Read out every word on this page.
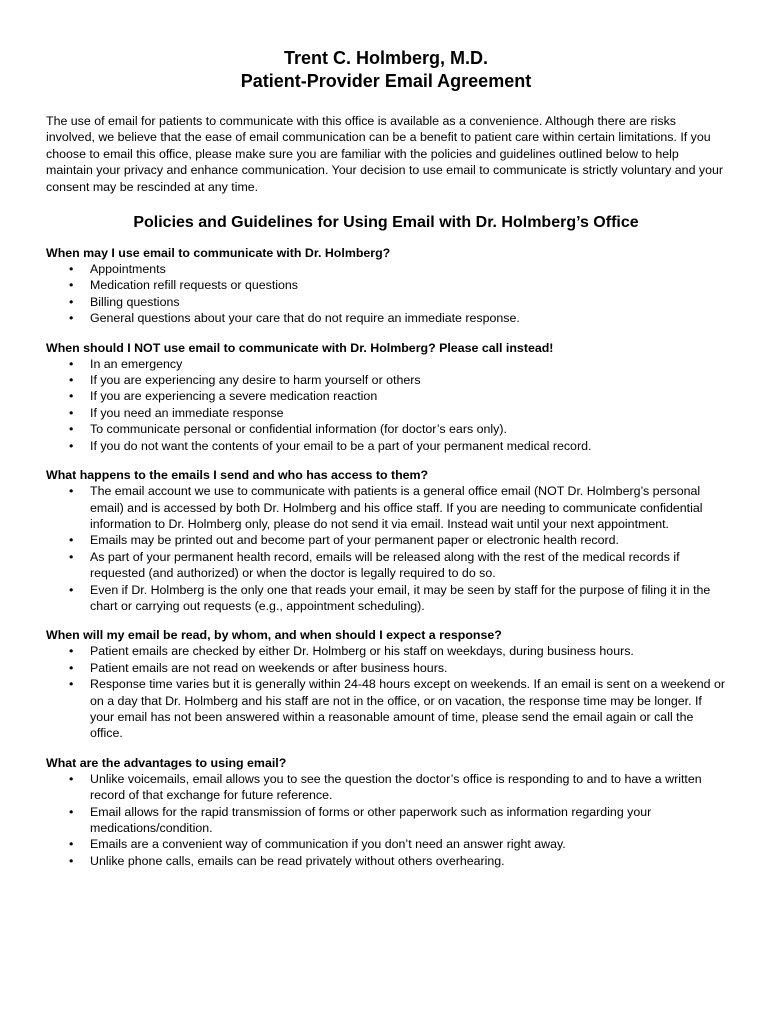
Trent C. Holmberg, M.D.
Patient-Provider Email Agreement

The use of email for patients to communicate with this office is available as a convenience. Although there are risks involved, we believe that the ease of email communication can be a benefit to patient care within certain limitations. If you choose to email this office, please make sure you are familiar with the policies and guidelines outlined below to help maintain your privacy and enhance communication. Your decision to use email to communicate is strictly voluntary and your consent may be rescinded at any time.

Policies and Guidelines for Using Email with Dr. Holmberg’s Office

When may I use email to communicate with Dr. Holmberg?

• Appointments
• Medication refill requests or questions
• Billing questions
• General questions about your care that do not require an immediate response.

When should I NOT use email to communicate with Dr. Holmberg? Please call instead!

• In an emergency
• If you are experiencing any desire to harm yourself or others
• If you are experiencing a severe medication reaction
• If you need an immediate response
• To communicate personal or confidential information (for doctor’s ears only).
• If you do not want the contents of your email to be a part of your permanent medical record.

What happens to the emails I send and who has access to them?

• The email account we use to communicate with patients is a general office email (NOT Dr. Holmberg’s personal email) and is accessed by both Dr. Holmberg and his office staff. If you are needing to communicate confidential information to Dr. Holmberg only, please do not send it via email. Instead wait until your next appointment.
• Emails may be printed out and become part of your permanent paper or electronic health record.
• As part of your permanent health record, emails will be released along with the rest of the medical records if requested (and authorized) or when the doctor is legally required to do so.
• Even if Dr. Holmberg is the only one that reads your email, it may be seen by staff for the purpose of filing it in the chart or carrying out requests (e.g., appointment scheduling).

When will my email be read, by whom, and when should I expect a response?

• Patient emails are checked by either Dr. Holmberg or his staff on weekdays, during business hours.
• Patient emails are not read on weekends or after business hours.
• Response time varies but it is generally within 24-48 hours except on weekends. If an email is sent on a weekend or on a day that Dr. Holmberg and his staff are not in the office, or on vacation, the response time may be longer. If your email has not been answered within a reasonable amount of time, please send the email again or call the office.

What are the advantages to using email?

• Unlike voicemails, email allows you to see the question the doctor’s office is responding to and to have a written record of that exchange for future reference.
• Email allows for the rapid transmission of forms or other paperwork such as information regarding your medications/condition.
• Emails are a convenient way of communication if you don’t need an answer right away.
• Unlike phone calls, emails can be read privately without others overhearing.
